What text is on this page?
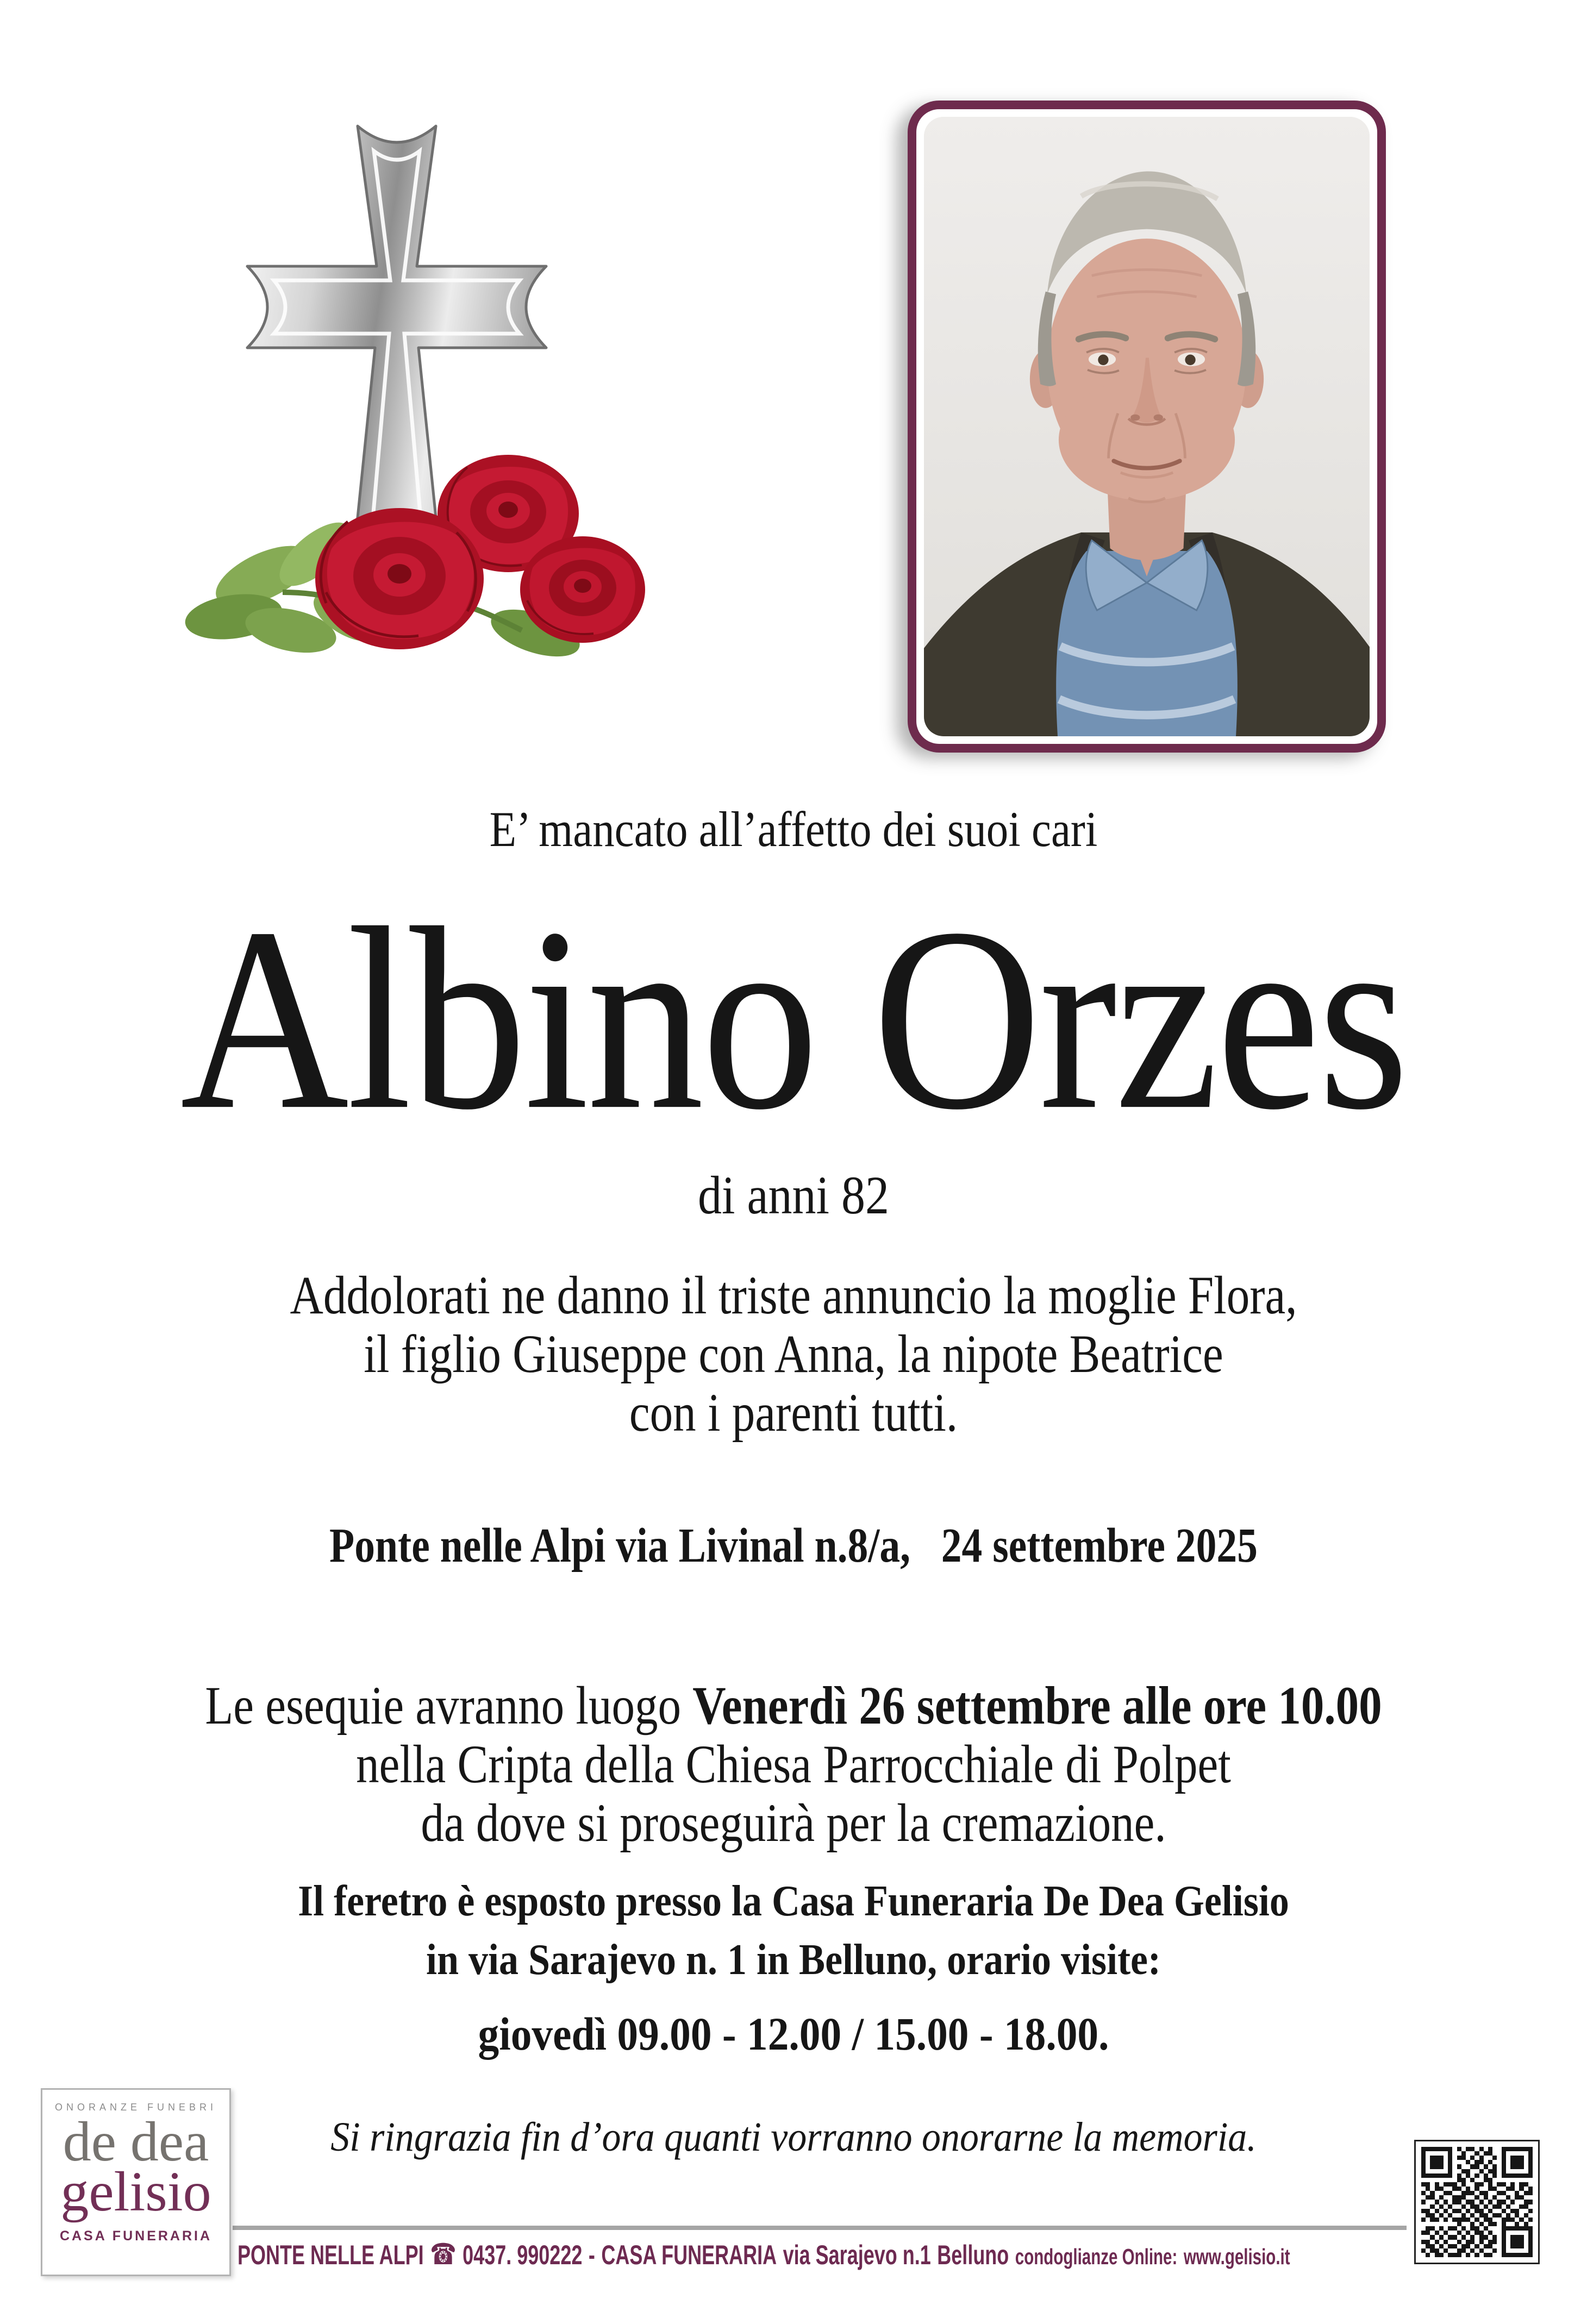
E’ mancato all’affetto dei suoi cari
Albino Orzes
di anni 82
Addolorati ne danno il triste annuncio la moglie Flora,
il figlio Giuseppe con Anna, la nipote Beatrice
con i parenti tutti.
Ponte nelle Alpi via Livinal n.8/a,   24 settembre 2025
Le esequie avranno luogo Venerdì 26 settembre alle ore 10.00
nella Cripta della Chiesa Parrocchiale di Polpet
da dove si proseguirà per la cremazione.
Il feretro è esposto presso la Casa Funeraria De Dea Gelisio
in via Sarajevo n. 1 in Belluno, orario visite:
giovedì 09.00 - 12.00 / 15.00 - 18.00.
Si ringrazia fin d’ora quanti vorranno onorarne la memoria.
ONORANZE FUNEBRI
de dea
gelisio
CASA FUNERARIA
PONTE NELLE ALPI ☎ 0437. 990222 - CASA FUNERARIA via Sarajevo n.1 Belluno condoglianze Online: www.gelisio.it
